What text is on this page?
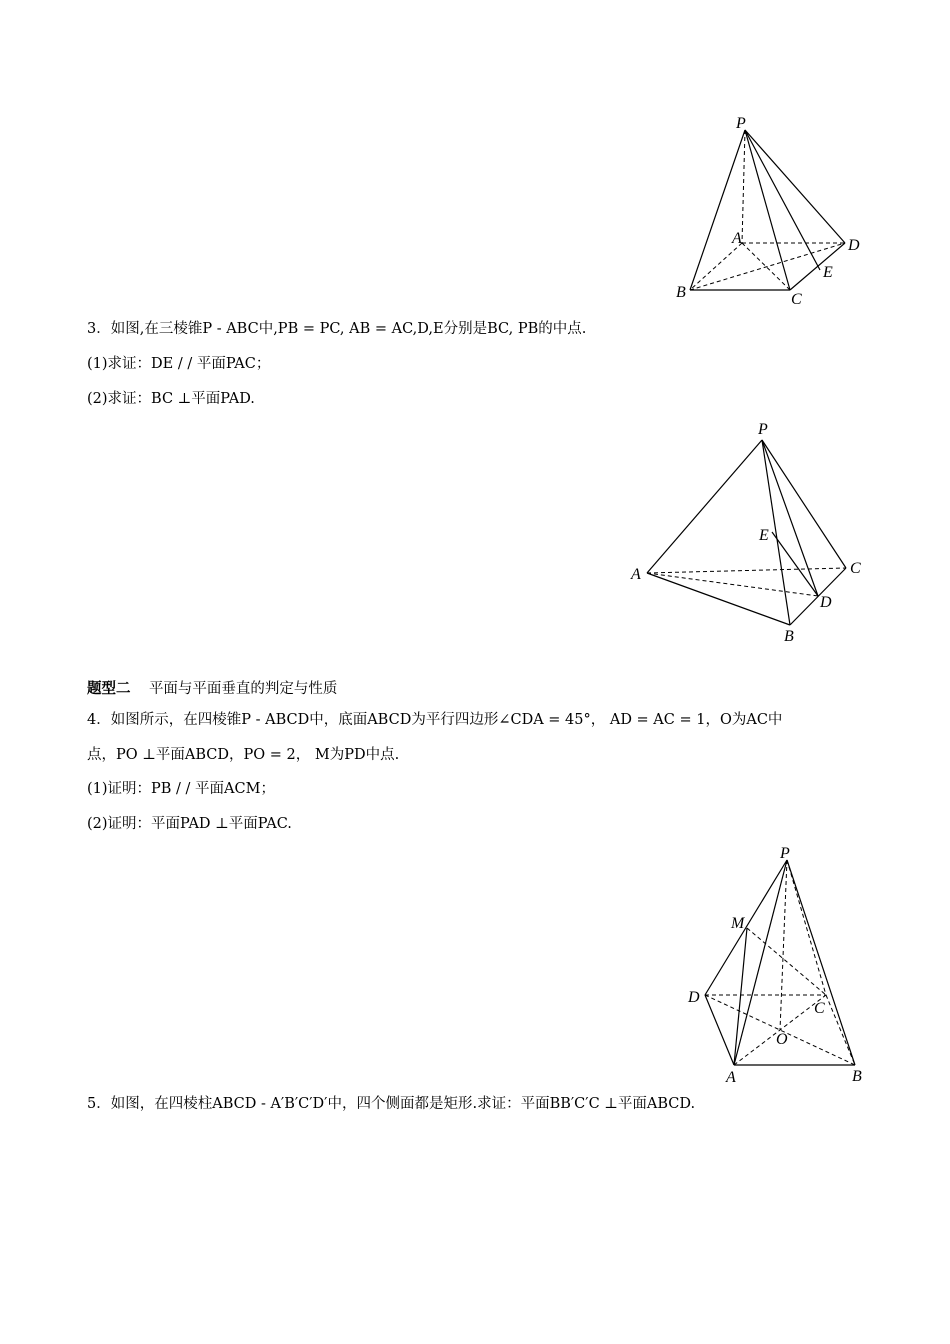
P
A
B	C
D
E
3．如图,在三棱锥P - ABC中,PB = PC, AB = AC,D,E分别是BC, PB的中点.
(1)求证：DE / / 平面PAC；
(2)求证：BC ⊥平面PAD.
P
E
A	C
D
B
题型二 平面与平面垂直的判定与性质
4．如图所示，在四棱锥P - ABCD中，底面ABCD为平行四边形∠CDA = 45°， AD = AC = 1，O为AC中
点，PO ⊥平面ABCD，PO = 2， M为PD中点.
(1)证明：PB / / 平面ACM；
(2)证明：平面PAD ⊥平面PAC.
P
M
D
C
O
A	B
5．如图，在四棱柱ABCD - A′B′C′D′中，四个侧面都是矩形.求证：平面BB′C′C ⊥平面ABCD.
